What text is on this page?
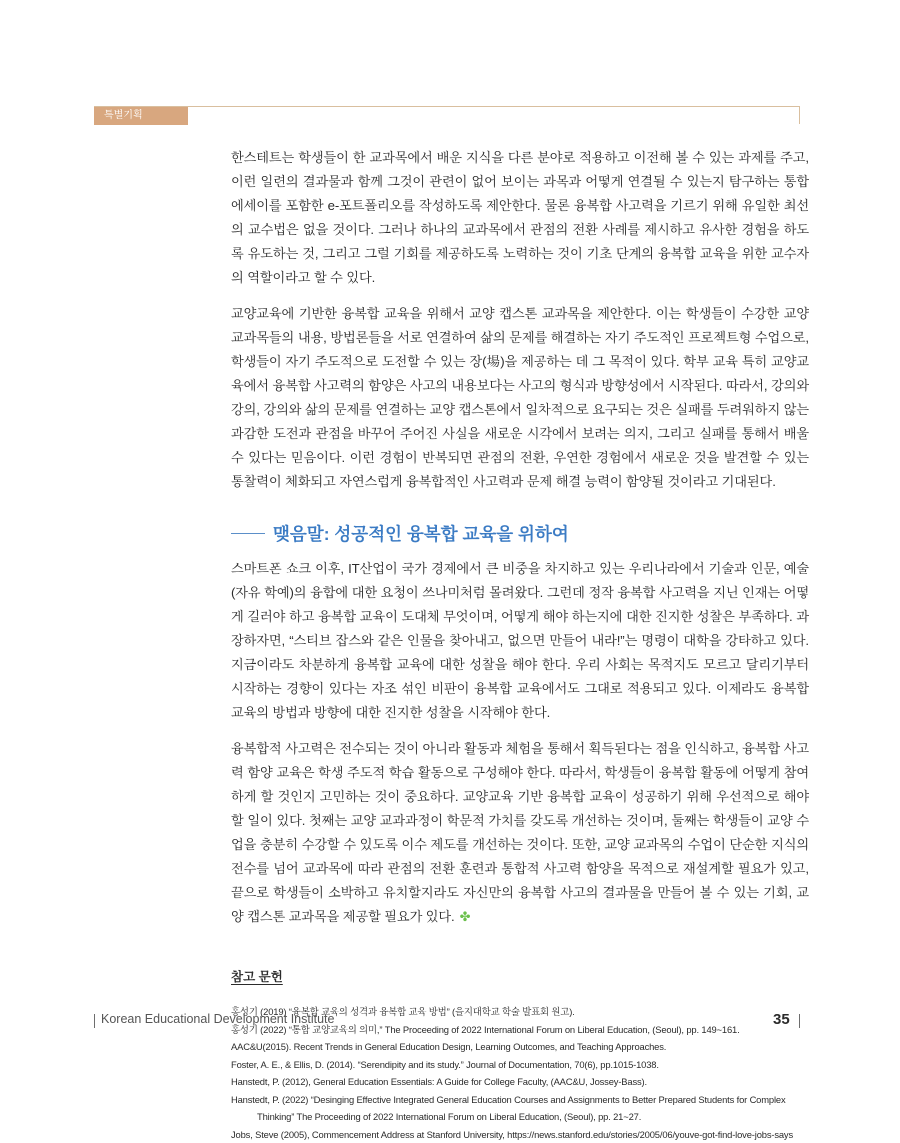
특별기획

한스테트는 학생들이 한 교과목에서 배운 지식을 다른 분야로 적용하고 이전해 볼 수 있는 과제를 주고, 이런 일련의 결과물과 함께 그것이 관련이 없어 보이는 과목과 어떻게 연결될 수 있는지 탐구하는 통합 에세이를 포함한 e-포트폴리오를 작성하도록 제안한다. 물론 융복합 사고력을 기르기 위해 유일한 최선의 교수법은 없을 것이다. 그러나 하나의 교과목에서 관점의 전환 사례를 제시하고 유사한 경험을 하도록 유도하는 것, 그리고 그럴 기회를 제공하도록 노력하는 것이 기초 단계의 융복합 교육을 위한 교수자의 역할이라고 할 수 있다.

교양교육에 기반한 융복합 교육을 위해서 교양 캡스톤 교과목을 제안한다. 이는 학생들이 수강한 교양 교과목들의 내용, 방법론들을 서로 연결하여 삶의 문제를 해결하는 자기 주도적인 프로젝트형 수업으로, 학생들이 자기 주도적으로 도전할 수 있는 장(場)을 제공하는 데 그 목적이 있다. 학부 교육 특히 교양교육에서 융복합 사고력의 함양은 사고의 내용보다는 사고의 형식과 방향성에서 시작된다. 따라서, 강의와 강의, 강의와 삶의 문제를 연결하는 교양 캡스톤에서 일차적으로 요구되는 것은 실패를 두려워하지 않는 과감한 도전과 관점을 바꾸어 주어진 사실을 새로운 시각에서 보려는 의지, 그리고 실패를 통해서 배울 수 있다는 믿음이다. 이런 경험이 반복되면 관점의 전환, 우연한 경험에서 새로운 것을 발견할 수 있는 통찰력이 체화되고 자연스럽게 융복합적인 사고력과 문제 해결 능력이 함양될 것이라고 기대된다.

맺음말: 성공적인 융복합 교육을 위하여

스마트폰 쇼크 이후, IT산업이 국가 경제에서 큰 비중을 차지하고 있는 우리나라에서 기술과 인문, 예술(자유 학예)의 융합에 대한 요청이 쓰나미처럼 몰려왔다. 그런데 정작 융복합 사고력을 지닌 인재는 어떻게 길러야 하고 융복합 교육이 도대체 무엇이며, 어떻게 해야 하는지에 대한 진지한 성찰은 부족하다. 과장하자면, “스티브 잡스와 같은 인물을 찾아내고, 없으면 만들어 내라!”는 명령이 대학을 강타하고 있다. 지금이라도 차분하게 융복합 교육에 대한 성찰을 해야 한다. 우리 사회는 목적지도 모르고 달리기부터 시작하는 경향이 있다는 자조 섞인 비판이 융복합 교육에서도 그대로 적용되고 있다. 이제라도 융복합 교육의 방법과 방향에 대한 진지한 성찰을 시작해야 한다.

융복합적 사고력은 전수되는 것이 아니라 활동과 체험을 통해서 획득된다는 점을 인식하고, 융복합 사고력 함양 교육은 학생 주도적 학습 활동으로 구성해야 한다. 따라서, 학생들이 융복합 활동에 어떻게 참여하게 할 것인지 고민하는 것이 중요하다. 교양교육 기반 융복합 교육이 성공하기 위해 우선적으로 해야 할 일이 있다. 첫째는 교양 교과과정이 학문적 가치를 갖도록 개선하는 것이며, 둘째는 학생들이 교양 수업을 충분히 수강할 수 있도록 이수 제도를 개선하는 것이다. 또한, 교양 교과목의 수업이 단순한 지식의 전수를 넘어 교과목에 따라 관점의 전환 훈련과 통합적 사고력 함양을 목적으로 재설계할 필요가 있고, 끝으로 학생들이 소박하고 유치할지라도 자신만의 융복합 사고의 결과물을 만들어 볼 수 있는 기회, 교양 캡스톤 교과목을 제공할 필요가 있다. ✤

참고 문헌
홍성기 (2019) “융복합 교육의 성격과 융복합 교육 방법” (을지대학교 학술 발표회 원고).
홍성기 (2022) “통합 교양교육의 의미,” The Proceeding of 2022 International Forum on Liberal Education, (Seoul), pp. 149~161.
AAC&U(2015). Recent Trends in General Education Design, Learning Outcomes, and Teaching Approaches.
Foster, A. E., & Ellis, D. (2014). “Serendipity and its study.” Journal of Documentation, 70(6), pp.1015-1038.
Hanstedt, P. (2012), General Education Essentials: A Guide for College Faculty, (AAC&U, Jossey-Bass).
Hanstedt, P. (2022) “Desinging Effective Integrated General Education Courses and Assignments to Better Prepared Students for Complex
Thinking” The Proceeding of 2022 International Forum on Liberal Education, (Seoul), pp. 21~27.
Jobs, Steve (2005), Commencement Address at Stanford University, https://news.stanford.edu/stories/2005/06/youve-got-find-love-jobs-says
Korean Educational Development Institute	35
